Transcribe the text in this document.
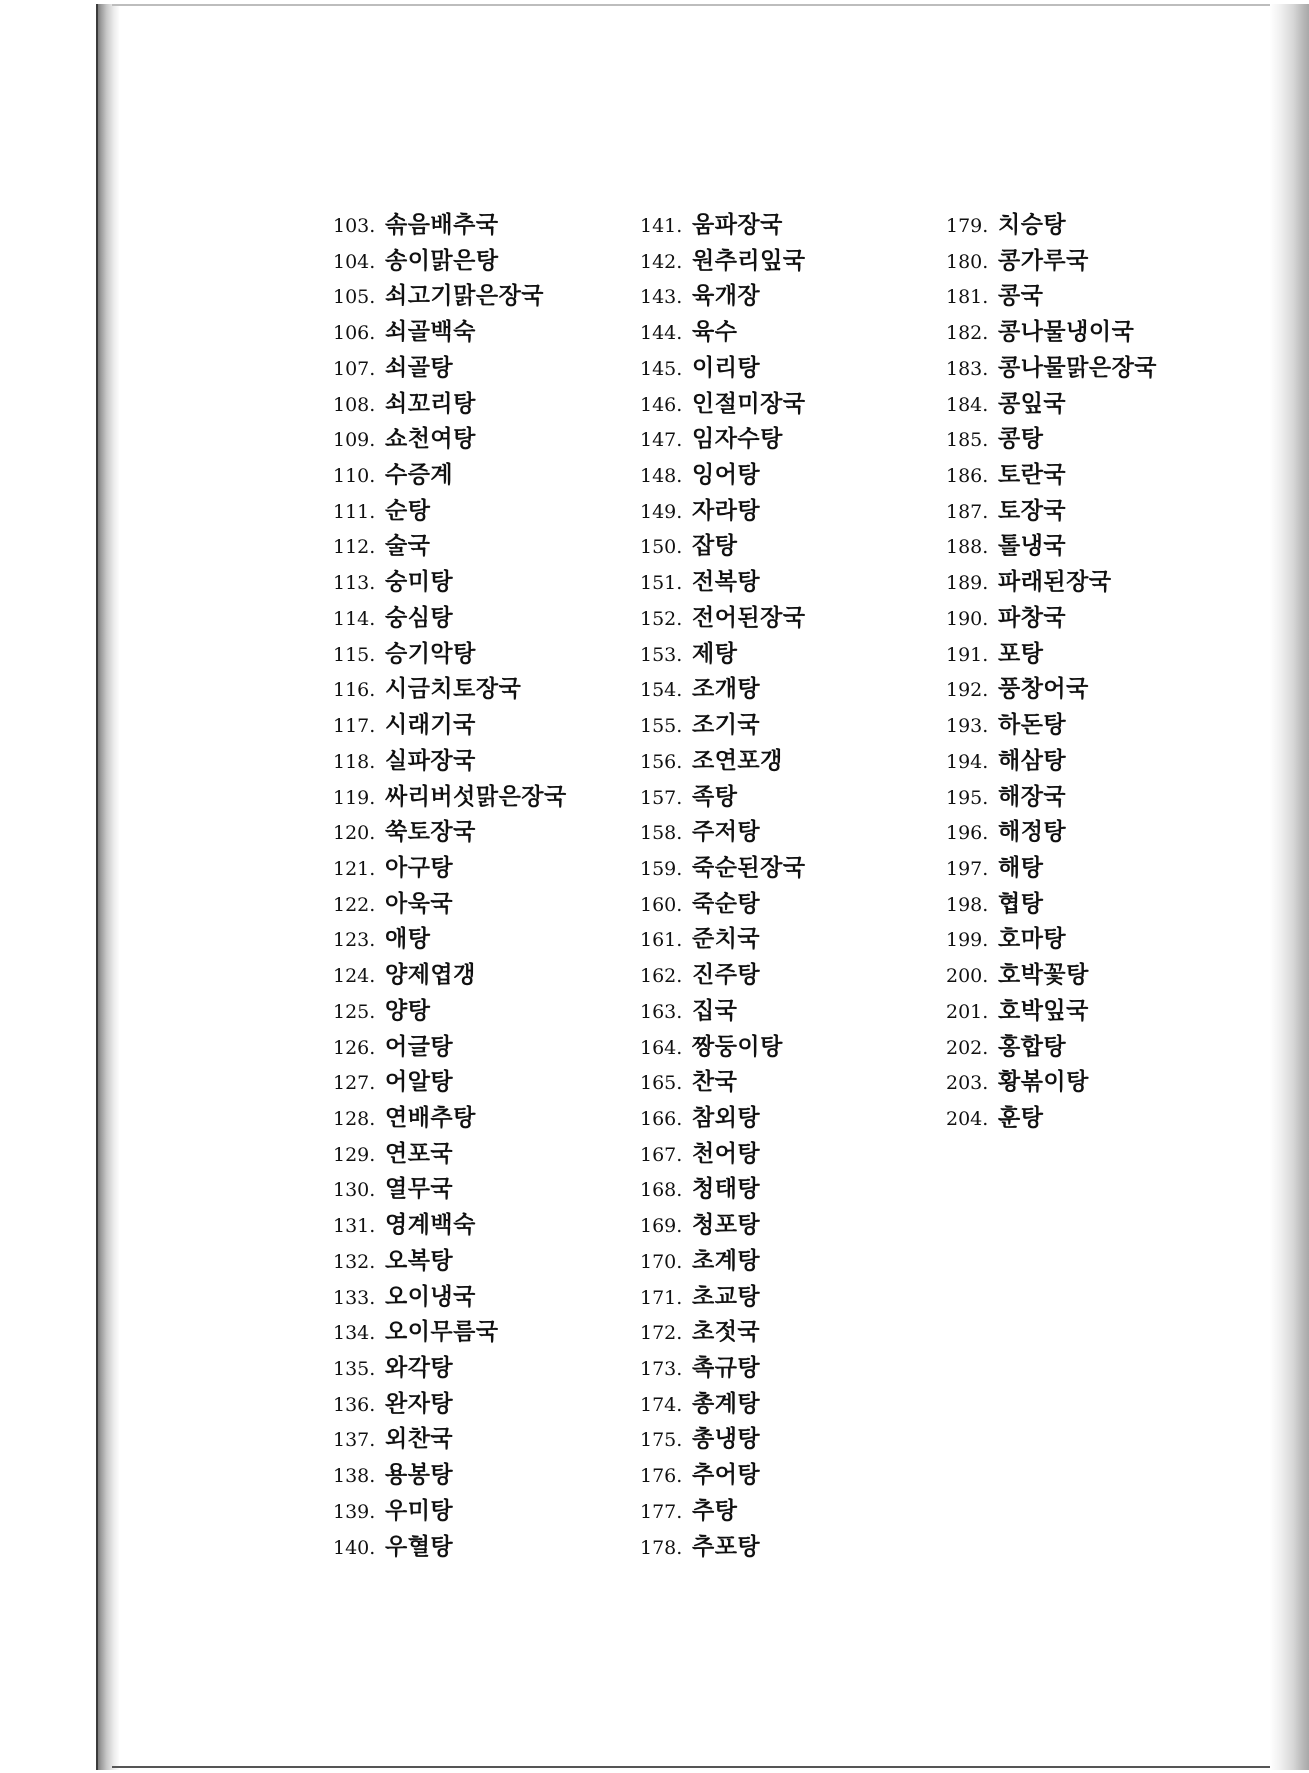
103. 솎음배추국
104. 송이맑은탕
105. 쇠고기맑은장국
106. 쇠골백숙
107. 쇠골탕
108. 쇠꼬리탕
109. 쇼천여탕
110. 수증계
111. 순탕
112. 술국
113. 숭미탕
114. 숭심탕
115. 승기악탕
116. 시금치토장국
117. 시래기국
118. 실파장국
119. 싸리버섯맑은장국
120. 쑥토장국
121. 아구탕
122. 아욱국
123. 애탕
124. 양제엽갱
125. 양탕
126. 어글탕
127. 어알탕
128. 연배추탕
129. 연포국
130. 열무국
131. 영계백숙
132. 오복탕
133. 오이냉국
134. 오이무름국
135. 와각탕
136. 완자탕
137. 외찬국
138. 용봉탕
139. 우미탕
140. 우혈탕
141. 움파장국
142. 원추리잎국
143. 육개장
144. 육수
145. 이리탕
146. 인절미장국
147. 임자수탕
148. 잉어탕
149. 자라탕
150. 잡탕
151. 전복탕
152. 전어된장국
153. 제탕
154. 조개탕
155. 조기국
156. 조연포갱
157. 족탕
158. 주저탕
159. 죽순된장국
160. 죽순탕
161. 준치국
162. 진주탕
163. 집국
164. 짱둥이탕
165. 찬국
166. 참외탕
167. 천어탕
168. 청태탕
169. 청포탕
170. 초계탕
171. 초교탕
172. 초젓국
173. 촉규탕
174. 총계탕
175. 총냉탕
176. 추어탕
177. 추탕
178. 추포탕
179. 치승탕
180. 콩가루국
181. 콩국
182. 콩나물냉이국
183. 콩나물맑은장국
184. 콩잎국
185. 콩탕
186. 토란국
187. 토장국
188. 톨냉국
189. 파래된장국
190. 파창국
191. 포탕
192. 풍창어국
193. 하돈탕
194. 해삼탕
195. 해장국
196. 해정탕
197. 해탕
198. 협탕
199. 호마탕
200. 호박꽃탕
201. 호박잎국
202. 홍합탕
203. 황볶이탕
204. 훈탕
